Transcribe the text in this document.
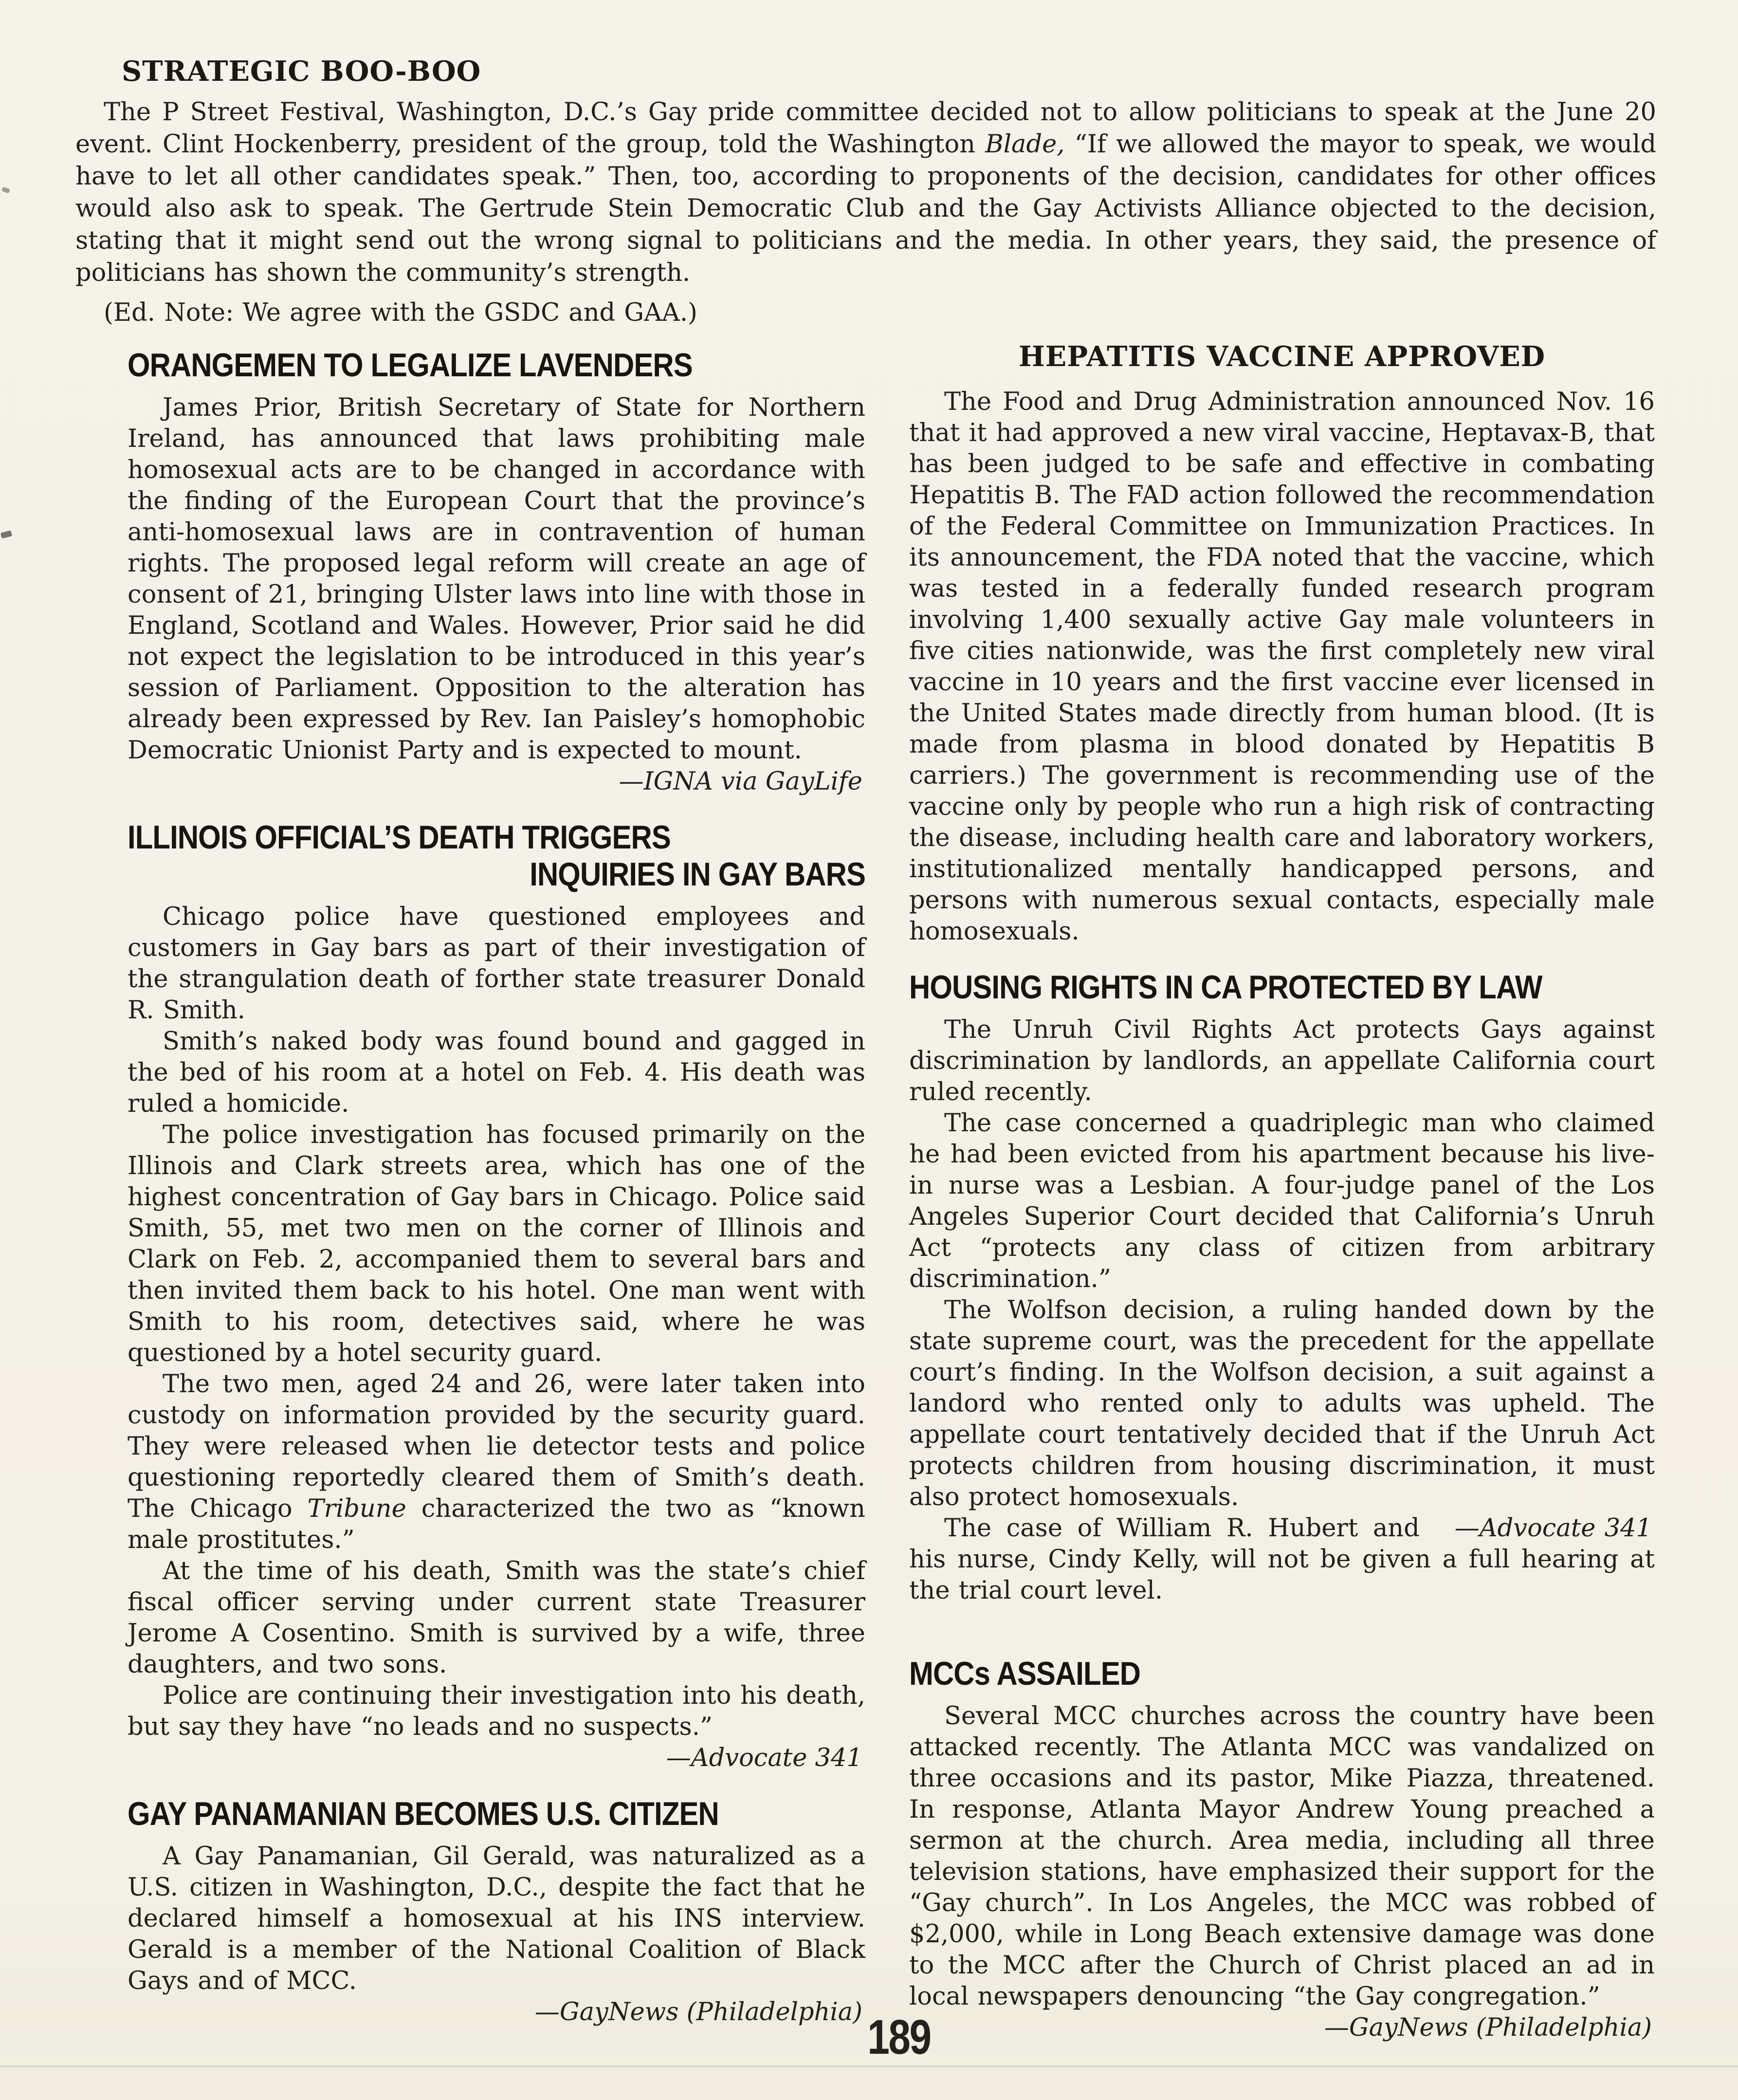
STRATEGIC BOO-BOO

The P Street Festival, Washington, D.C.’s Gay pride committee decided not to allow politicians to speak at the June 20 event. Clint Hockenberry, president of the group, told the Washington Blade, “If we allowed the mayor to speak, we would have to let all other candidates speak.” Then, too, according to proponents of the decision, candidates for other offices would also ask to speak. The Gertrude Stein Democratic Club and the Gay Activists Alliance objected to the decision, stating that it might send out the wrong signal to politicians and the media. In other years, they said, the presence of politicians has shown the community’s strength.

(Ed. Note: We agree with the GSDC and GAA.)

ORANGEMEN TO LEGALIZE LAVENDERS

James Prior, British Secretary of State for Northern Ireland, has announced that laws prohibiting male homosexual acts are to be changed in accordance with the finding of the European Court that the province’s anti-homosexual laws are in contravention of human rights. The proposed legal reform will create an age of consent of 21, bringing Ulster laws into line with those in England, Scotland and Wales. However, Prior said he did not expect the legislation to be introduced in this year’s session of Parliament. Opposition to the alteration has already been expressed by Rev. Ian Paisley’s homophobic Democratic Unionist Party and is expected to mount.

—IGNA via GayLife

ILLINOIS OFFICIAL’S DEATH TRIGGERS
INQUIRIES IN GAY BARS

Chicago police have questioned employees and customers in Gay bars as part of their investigation of the strangulation death of forther state treasurer Donald R. Smith.

Smith’s naked body was found bound and gagged in the bed of his room at a hotel on Feb. 4. His death was ruled a homicide.

The police investigation has focused primarily on the Illinois and Clark streets area, which has one of the highest concentration of Gay bars in Chicago. Police said Smith, 55, met two men on the corner of Illinois and Clark on Feb. 2, accompanied them to several bars and then invited them back to his hotel. One man went with Smith to his room, detectives said, where he was questioned by a hotel security guard.

The two men, aged 24 and 26, were later taken into custody on information provided by the security guard. They were released when lie detector tests and police questioning reportedly cleared them of Smith’s death. The Chicago Tribune characterized the two as “known male prostitutes.”

At the time of his death, Smith was the state’s chief fiscal officer serving under current state Treasurer Jerome A Cosentino. Smith is survived by a wife, three daughters, and two sons.

Police are continuing their investigation into his death, but say they have “no leads and no suspects.”

—Advocate 341

GAY PANAMANIAN BECOMES U.S. CITIZEN

A Gay Panamanian, Gil Gerald, was naturalized as a U.S. citizen in Washington, D.C., despite the fact that he declared himself a homosexual at his INS interview. Gerald is a member of the National Coalition of Black Gays and of MCC.

—GayNews (Philadelphia)

HEPATITIS VACCINE APPROVED

The Food and Drug Administration announced Nov. 16 that it had approved a new viral vaccine, Heptavax-B, that has been judged to be safe and effective in combating Hepatitis B. The FAD action followed the recommendation of the Federal Committee on Immunization Practices. In its announcement, the FDA noted that the vaccine, which was tested in a federally funded research program involving 1,400 sexually active Gay male volunteers in five cities nationwide, was the first completely new viral vaccine in 10 years and the first vaccine ever licensed in the United States made directly from human blood. (It is made from plasma in blood donated by Hepatitis B carriers.) The government is recommending use of the vaccine only by people who run a high risk of contracting the disease, including health care and laboratory workers, institutionalized mentally handicapped persons, and persons with numerous sexual contacts, especially male homosexuals.

HOUSING RIGHTS IN CA PROTECTED BY LAW

The Unruh Civil Rights Act protects Gays against discrimination by landlords, an appellate California court ruled recently.

The case concerned a quadriplegic man who claimed he had been evicted from his apartment because his live-in nurse was a Lesbian. A four-judge panel of the Los Angeles Superior Court decided that California’s Unruh Act “protects any class of citizen from arbitrary discrimination.”

The Wolfson decision, a ruling handed down by the state supreme court, was the precedent for the appellate court’s finding. In the Wolfson decision, a suit against a landord who rented only to adults was upheld. The appellate court tentatively decided that if the Unruh Act protects children from housing discrimination, it must also protect homosexuals.

—Advocate 341
The case of William R. Hubert and his nurse, Cindy Kelly, will not be given a full hearing at the trial court level.

MCCs ASSAILED

Several MCC churches across the country have been attacked recently. The Atlanta MCC was vandalized on three occasions and its pastor, Mike Piazza, threatened. In response, Atlanta Mayor Andrew Young preached a sermon at the church. Area media, including all three television stations, have emphasized their support for the “Gay church”. In Los Angeles, the MCC was robbed of $2,000, while in Long Beach extensive damage was done to the MCC after the Church of Christ placed an ad in local newspapers denouncing “the Gay congregation.”

—GayNews (Philadelphia)

189
